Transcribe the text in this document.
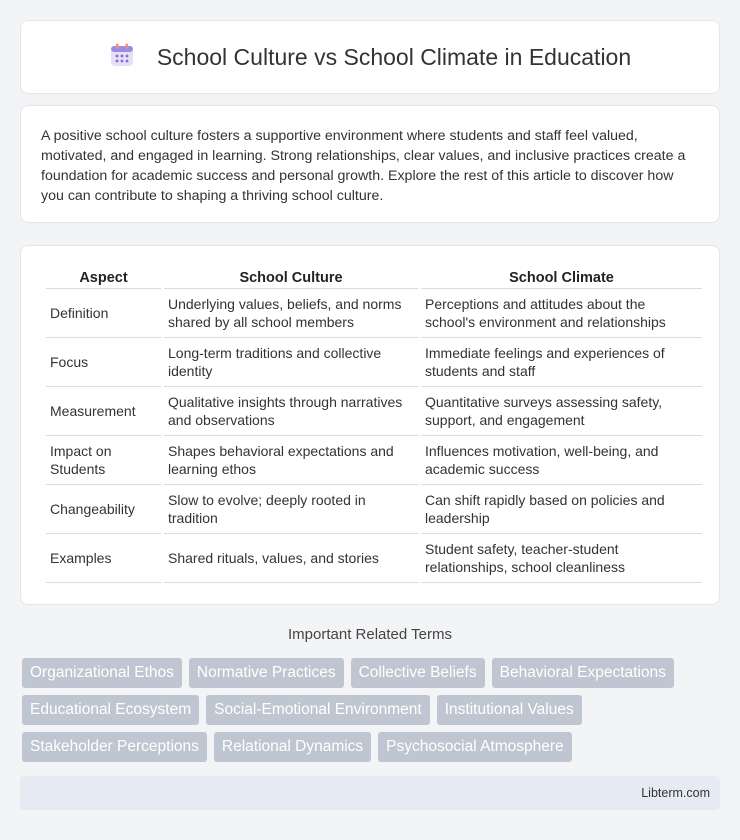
School Culture vs School Climate in Education

A positive school culture fosters a supportive environment where students and staff feel valued, motivated, and engaged in learning. Strong relationships, clear values, and inclusive practices create a foundation for academic success and personal growth. Explore the rest of this article to discover how you can contribute to shaping a thriving school culture.

Aspect	School Culture	School Climate
Definition	Underlying values, beliefs, and norms shared by all school members	Perceptions and attitudes about the school's environment and relationships
Focus	Long-term traditions and collective identity	Immediate feelings and experiences of students and staff
Measurement	Qualitative insights through narratives and observations	Quantitative surveys assessing safety, support, and engagement
Impact on Students	Shapes behavioral expectations and learning ethos	Influences motivation, well-being, and academic success
Changeability	Slow to evolve; deeply rooted in tradition	Can shift rapidly based on policies and leadership
Examples	Shared rituals, values, and stories	Student safety, teacher-student relationships, school cleanliness
Important Related Terms
Organizational Ethos	Normative Practices	Collective Beliefs	Behavioral Expectations
Educational Ecosystem	Social-Emotional Environment	Institutional Values
Stakeholder Perceptions	Relational Dynamics	Psychosocial Atmosphere
Libterm.com
